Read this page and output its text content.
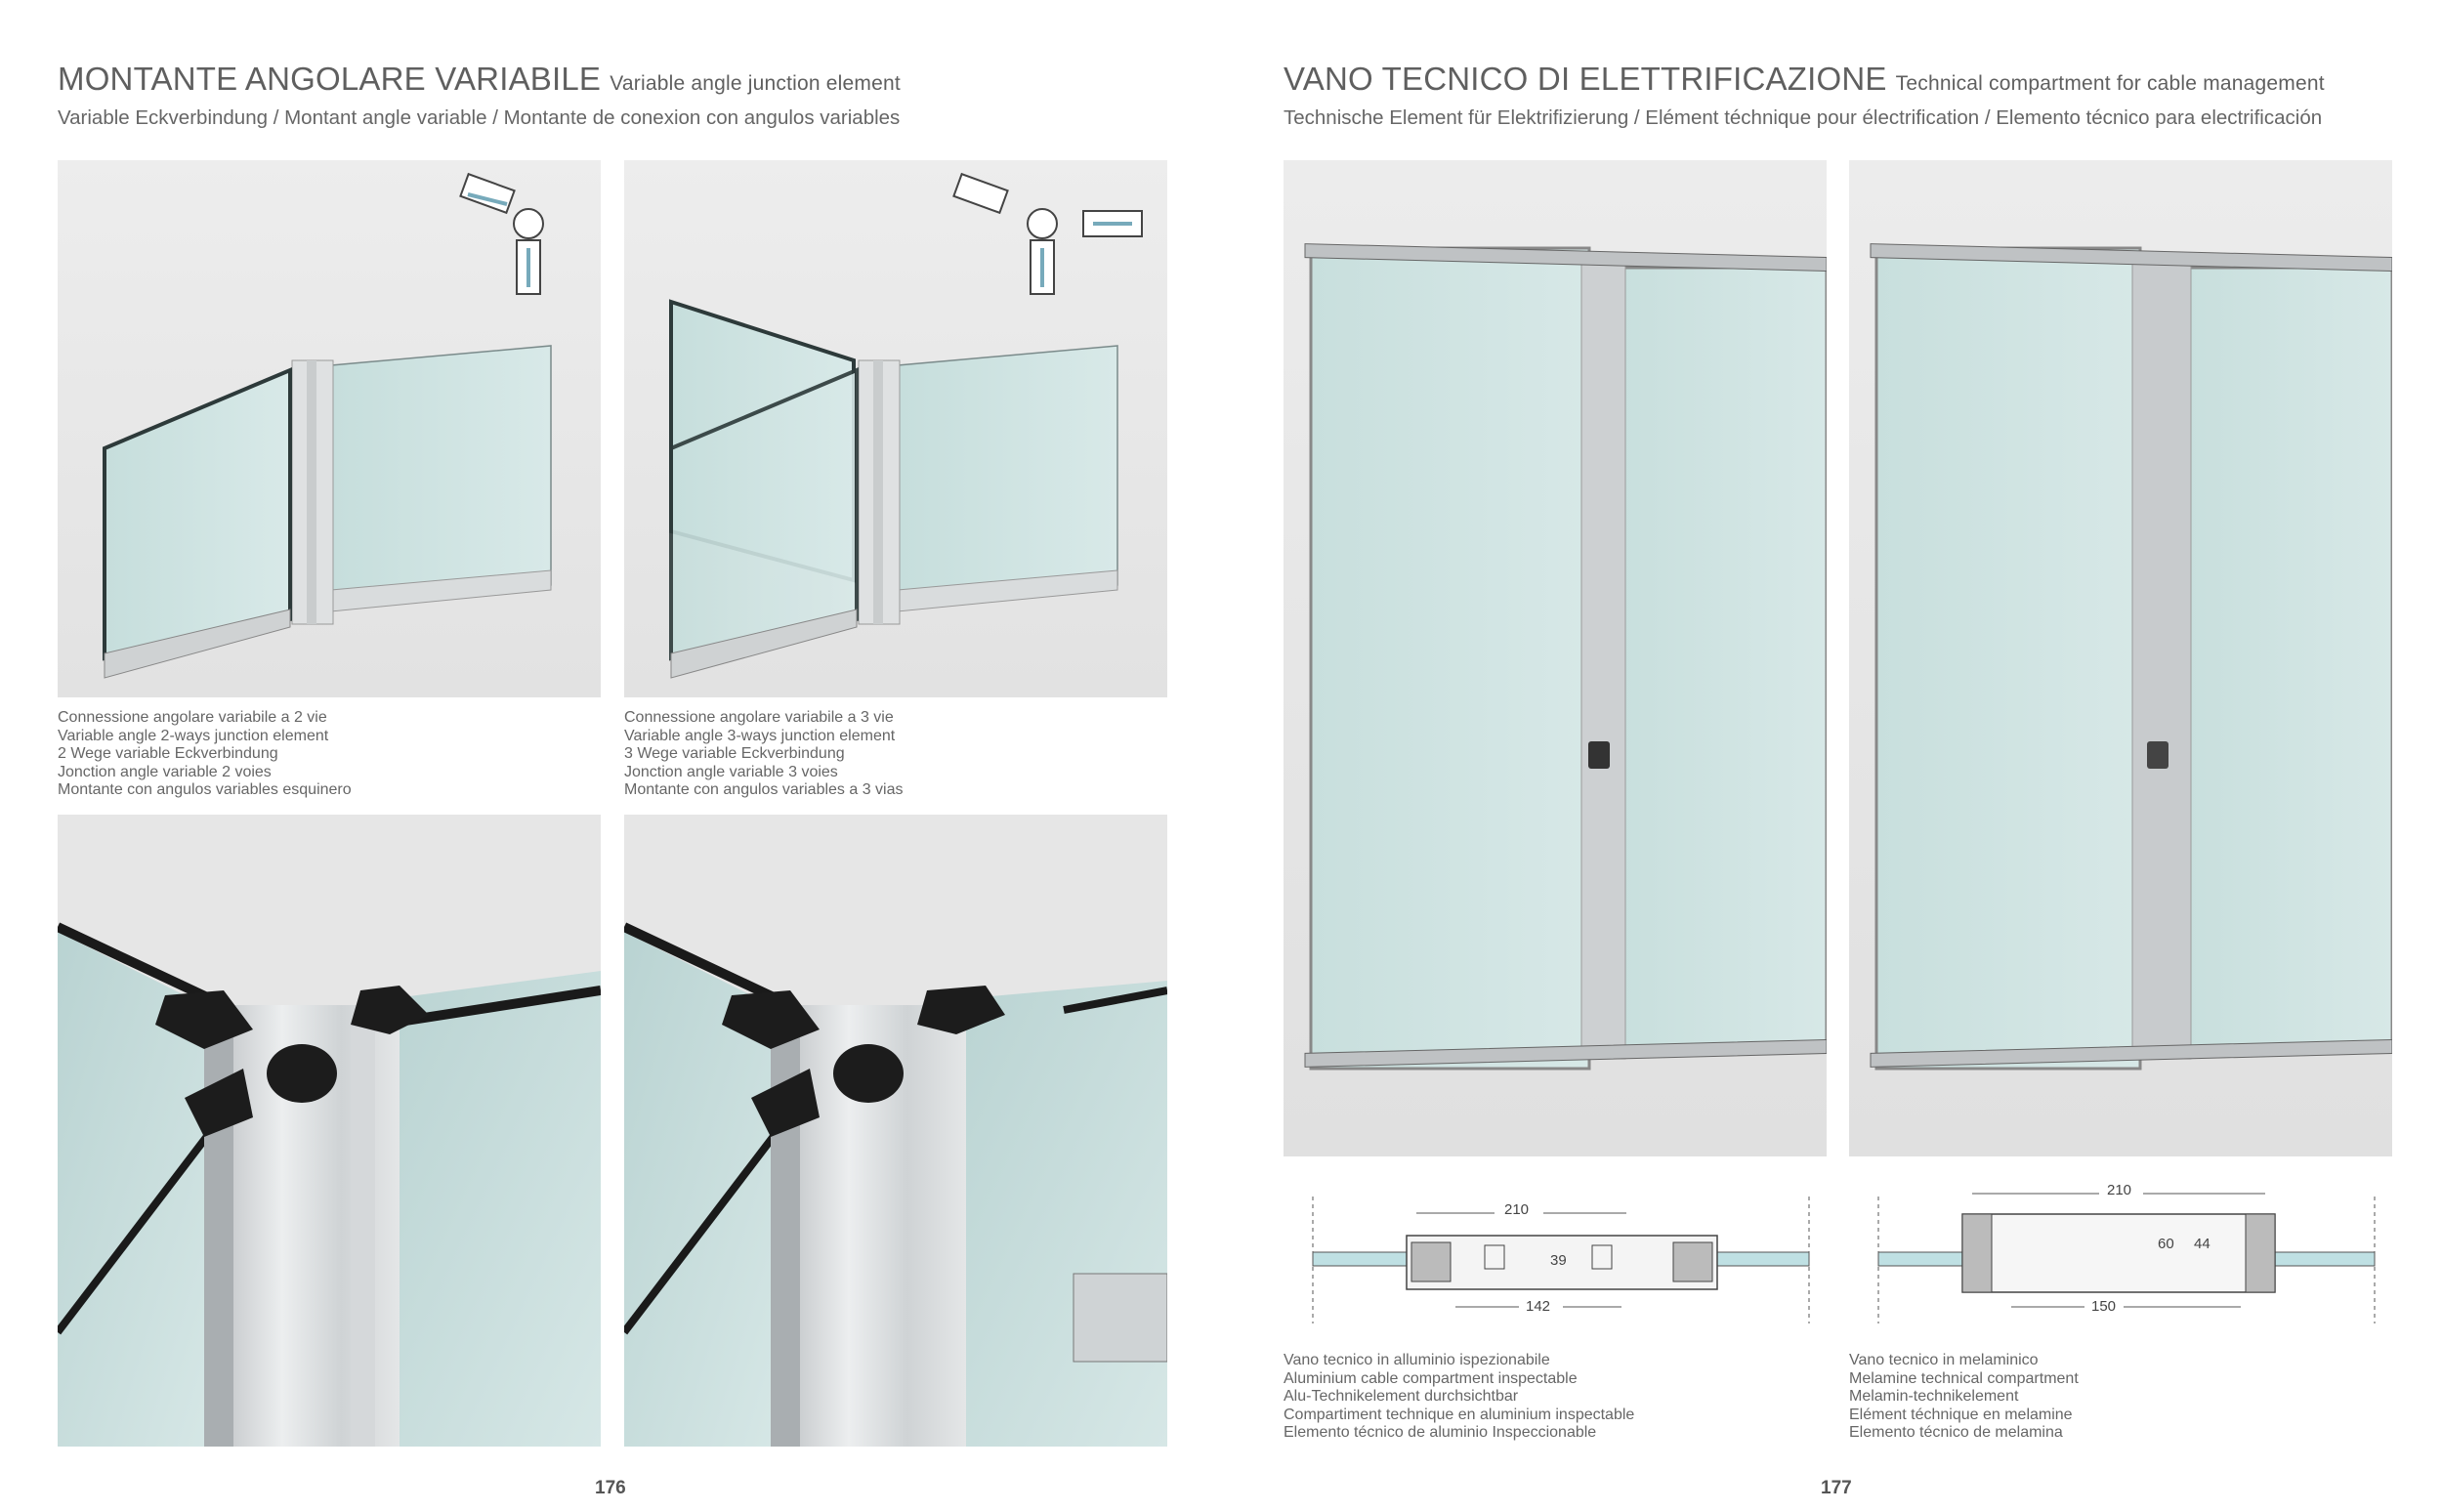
MONTANTE ANGOLARE VARIABILE Variable angle junction element
Variable Eckverbindung / Montant angle variable / Montante de conexion con angulos variables
VANO TECNICO DI ELETTRIFICAZIONE Technical compartment for cable management
Technische Element für Elektrifizierung / Elément téchnique pour électrification / Elemento técnico para electrificación
Connessione angolare variabile a 2 vie
Variable angle 2-ways junction element
2 Wege variable Eckverbindung
Jonction angle variable 2 voies
Montante con angulos variables esquinero
Connessione angolare variabile a 3 vie
Variable angle 3-ways junction element
3 Wege variable Eckverbindung
Jonction angle variable 3 voies
Montante con angulos variables a 3 vias
210
39
142
210
60 44
150
Vano tecnico in alluminio ispezionabile
Aluminium cable compartment inspectable
Alu-Technikelement durchsichtbar
Compartiment technique en aluminium inspectable
Elemento técnico de aluminio Inspeccionable
Vano tecnico in melaminico
Melamine technical compartment
Melamin-technikelement
Elément téchnique en melamine
Elemento técnico de melamina
176	177
